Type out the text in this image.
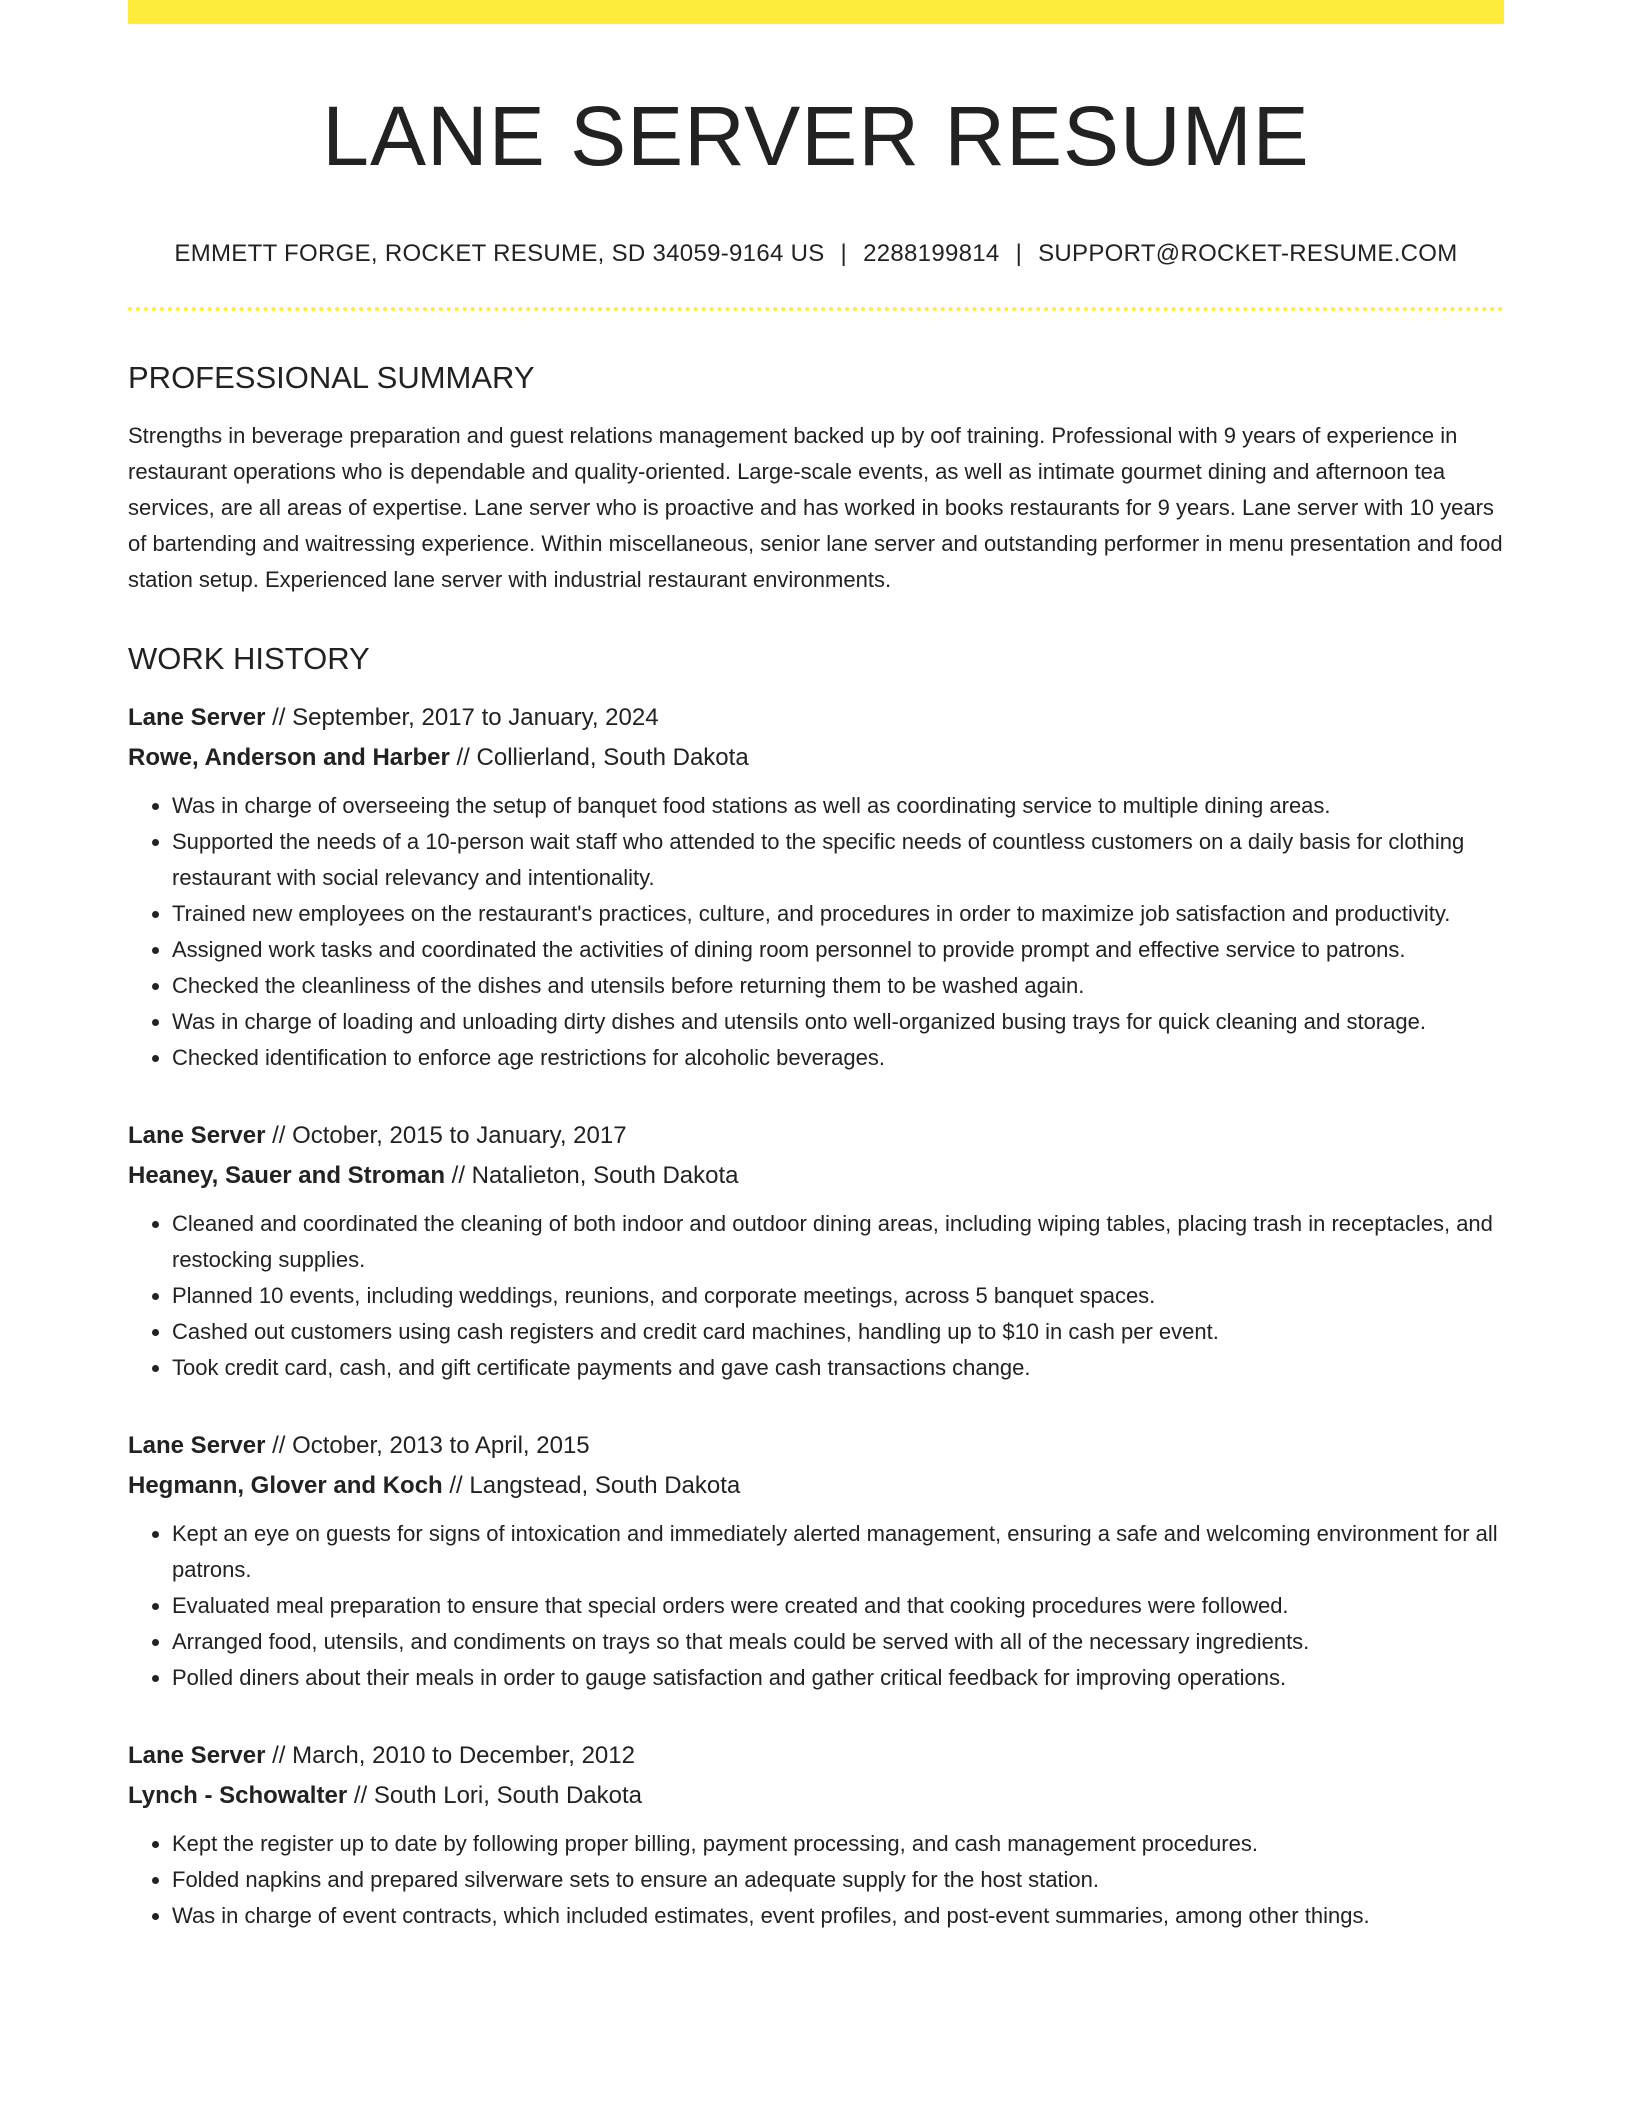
LANE SERVER RESUME
EMMETT FORGE, ROCKET RESUME, SD 34059-9164 US | 2288199814 | SUPPORT@ROCKET-RESUME.COM
PROFESSIONAL SUMMARY

Strengths in beverage preparation and guest relations management backed up by oof training. Professional with 9 years of experience in restaurant operations who is dependable and quality-oriented. Large-scale events, as well as intimate gourmet dining and afternoon tea services, are all areas of expertise. Lane server who is proactive and has worked in books restaurants for 9 years. Lane server with 10 years of bartending and waitressing experience. Within miscellaneous, senior lane server and outstanding performer in menu presentation and food station setup. Experienced lane server with industrial restaurant environments.

WORK HISTORY
Lane Server // September, 2017 to January, 2024
Rowe, Anderson and Harber // Collierland, South Dakota
• Was in charge of overseeing the setup of banquet food stations as well as coordinating service to multiple dining areas.
• Supported the needs of a 10-person wait staff who attended to the specific needs of countless customers on a daily basis for clothing restaurant with social relevancy and intentionality.
• Trained new employees on the restaurant's practices, culture, and procedures in order to maximize job satisfaction and productivity.
• Assigned work tasks and coordinated the activities of dining room personnel to provide prompt and effective service to patrons.
• Checked the cleanliness of the dishes and utensils before returning them to be washed again.
• Was in charge of loading and unloading dirty dishes and utensils onto well-organized busing trays for quick cleaning and storage.
• Checked identification to enforce age restrictions for alcoholic beverages.
Lane Server // October, 2015 to January, 2017
Heaney, Sauer and Stroman // Natalieton, South Dakota
• Cleaned and coordinated the cleaning of both indoor and outdoor dining areas, including wiping tables, placing trash in receptacles, and restocking supplies.
• Planned 10 events, including weddings, reunions, and corporate meetings, across 5 banquet spaces.
• Cashed out customers using cash registers and credit card machines, handling up to $10 in cash per event.
• Took credit card, cash, and gift certificate payments and gave cash transactions change.
Lane Server // October, 2013 to April, 2015
Hegmann, Glover and Koch // Langstead, South Dakota
• Kept an eye on guests for signs of intoxication and immediately alerted management, ensuring a safe and welcoming environment for all patrons.
• Evaluated meal preparation to ensure that special orders were created and that cooking procedures were followed.
• Arranged food, utensils, and condiments on trays so that meals could be served with all of the necessary ingredients.
• Polled diners about their meals in order to gauge satisfaction and gather critical feedback for improving operations.
Lane Server // March, 2010 to December, 2012
Lynch - Schowalter // South Lori, South Dakota
• Kept the register up to date by following proper billing, payment processing, and cash management procedures.
• Folded napkins and prepared silverware sets to ensure an adequate supply for the host station.
• Was in charge of event contracts, which included estimates, event profiles, and post-event summaries, among other things.
